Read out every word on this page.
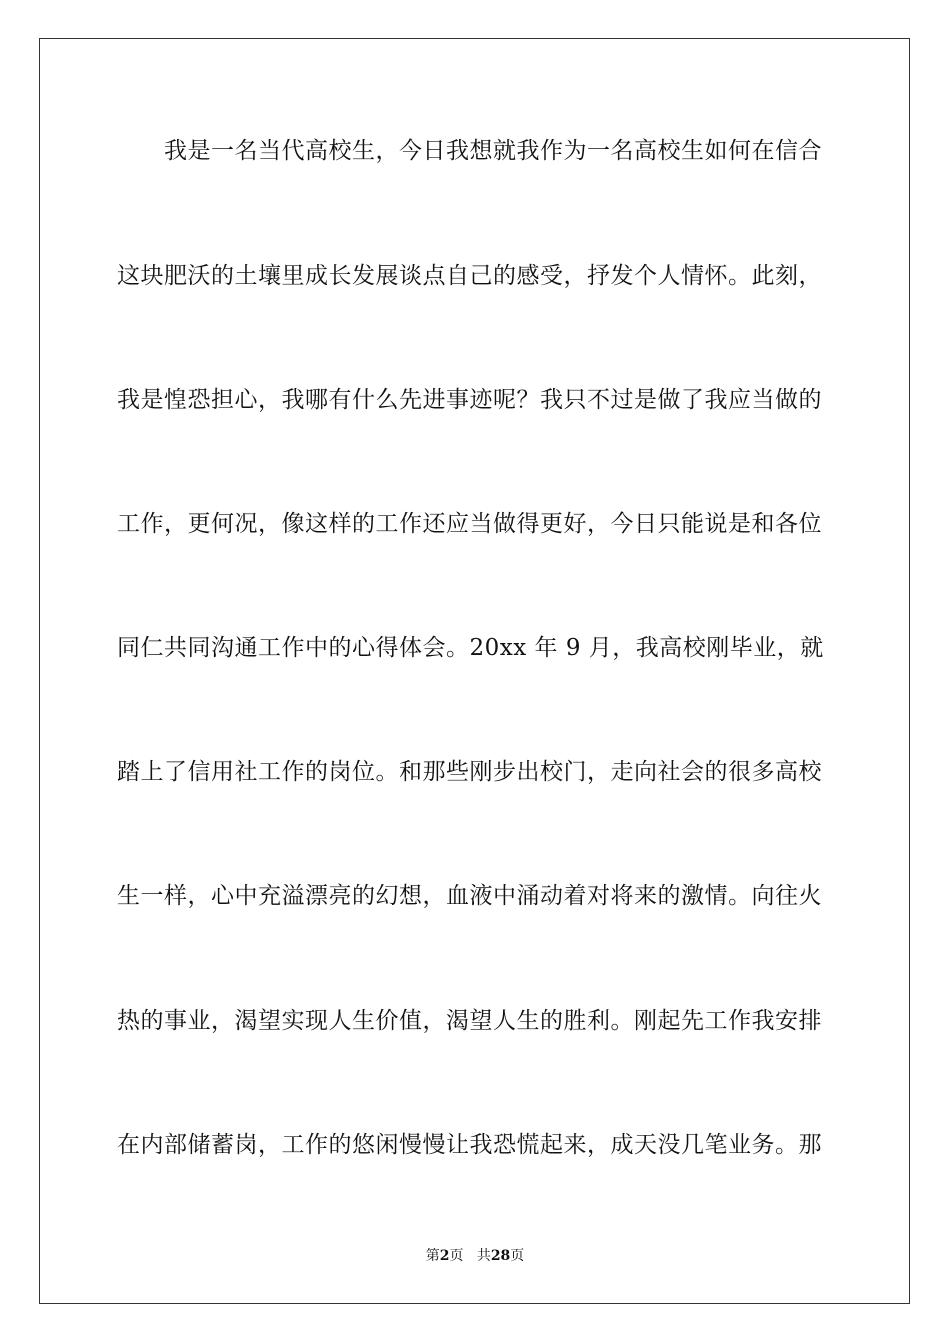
我是一名当代高校生，今日我想就我作为一名高校生如何在信合
这块肥沃的土壤里成长发展谈点自己的感受，抒发个人情怀。此刻，
我是惶恐担心，我哪有什么先进事迹呢？我只不过是做了我应当做的
工作，更何况，像这样的工作还应当做得更好，今日只能说是和各位
同仁共同沟通工作中的心得体会。20xx 年 9 月，我高校刚毕业，就
踏上了信用社工作的岗位。和那些刚步出校门，走向社会的很多高校
生一样，心中充溢漂亮的幻想，血液中涌动着对将来的激情。向往火
热的事业，渴望实现人生价值，渴望人生的胜利。刚起先工作我安排
在内部储蓄岗，工作的悠闲慢慢让我恐慌起来，成天没几笔业务。那
第2页 共28页
